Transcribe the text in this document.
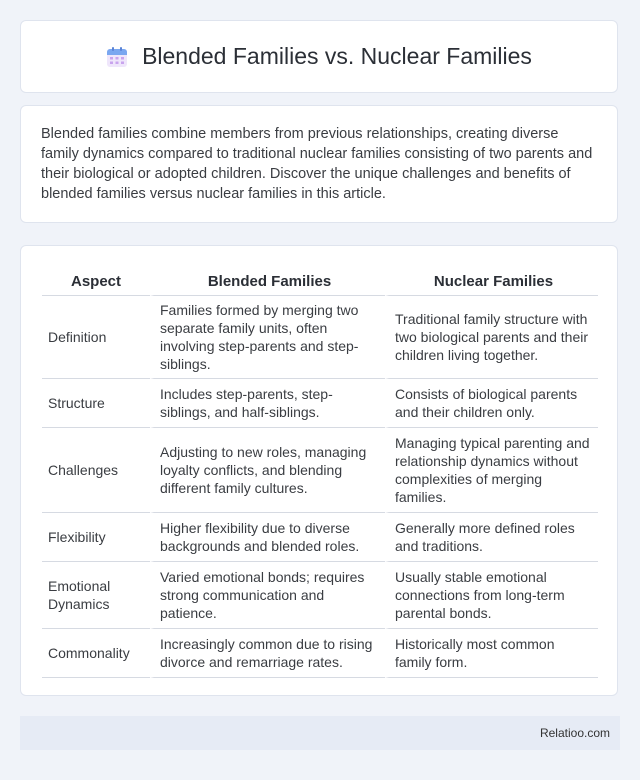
Blended Families vs. Nuclear Families

Blended families combine members from previous relationships, creating diverse family dynamics compared to traditional nuclear families consisting of two parents and their biological or adopted children. Discover the unique challenges and benefits of blended families versus nuclear families in this article.

Aspect	Blended Families	Nuclear Families
Definition	Families formed by merging two separate family units, often involving step-parents and step-siblings.	Traditional family structure with two biological parents and their children living together.
Structure	Includes step-parents, step-siblings, and half-siblings.	Consists of biological parents and their children only.
Challenges	Adjusting to new roles, managing loyalty conflicts, and blending different family cultures.	Managing typical parenting and relationship dynamics without complexities of merging families.
Flexibility	Higher flexibility due to diverse backgrounds and blended roles.	Generally more defined roles and traditions.
Emotional Dynamics	Varied emotional bonds; requires strong communication and patience.	Usually stable emotional connections from long-term parental bonds.
Commonality	Increasingly common due to rising divorce and remarriage rates.	Historically most common family form.
Relatioo.com
